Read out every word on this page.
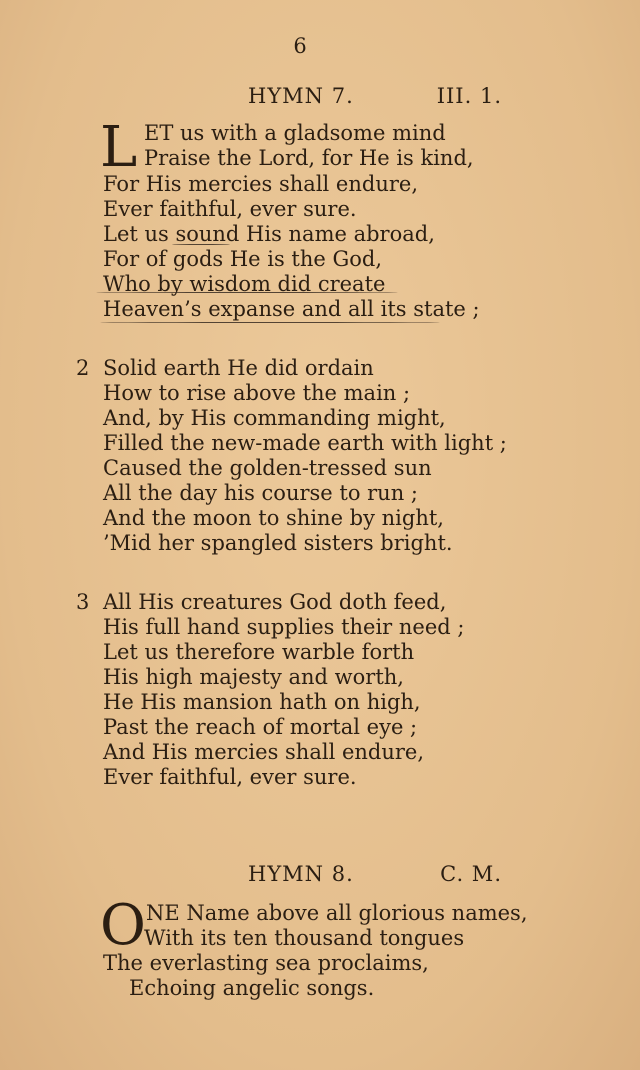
6
HYMN 7.	III. 1.
L ET us with a gladsome mind
Praise the Lord, for He is kind,
For His mercies shall endure,
Ever faithful, ever sure.
Let us sound His name abroad,
For of gods He is the God,
Who by wisdom did create
Heaven’s expanse and all its state ;
2 Solid earth He did ordain
How to rise above the main ;
And, by His commanding might,
Filled the new-made earth with light ;
Caused the golden-tressed sun
All the day his course to run ;
And the moon to shine by night,
’Mid her spangled sisters bright.
3 All His creatures God doth feed,
His full hand supplies their need ;
Let us therefore warble forth
His high majesty and worth,
He His mansion hath on high,
Past the reach of mortal eye ;
And His mercies shall endure,
Ever faithful, ever sure.
HYMN 8.	C. M.
O NE Name above all glorious names,
With its ten thousand tongues
The everlasting sea proclaims,
Echoing angelic songs.
